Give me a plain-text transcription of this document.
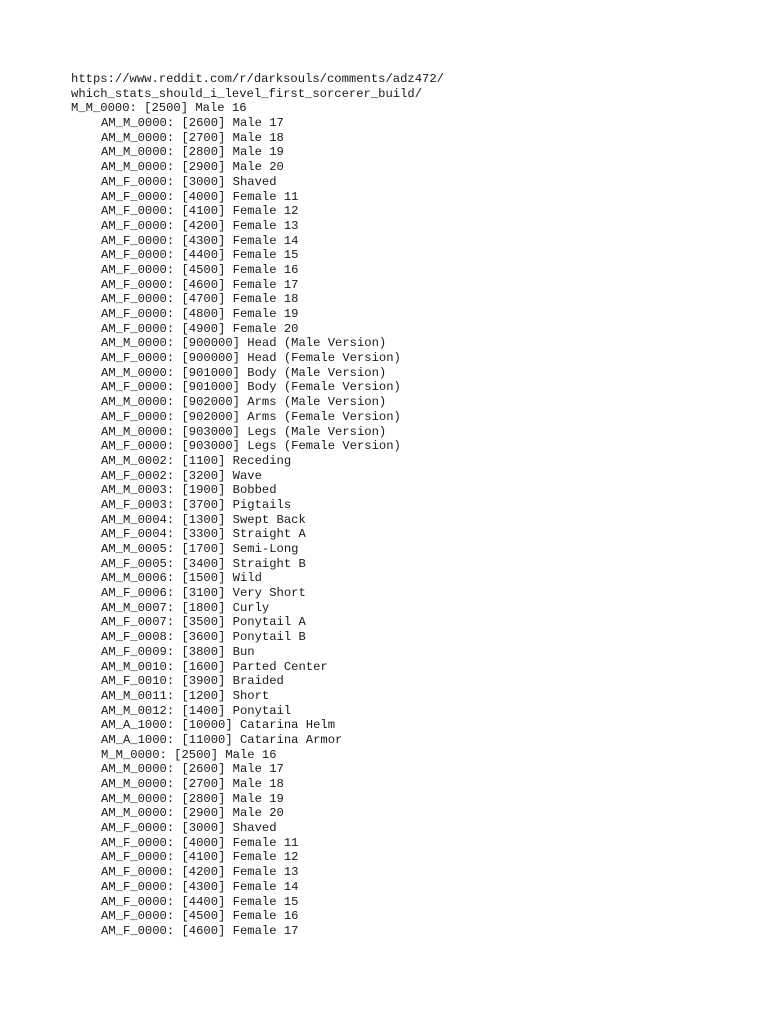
https://www.reddit.com/r/darksouls/comments/adz472/
which_stats_should_i_level_first_sorcerer_build/
M_M_0000: [2500] Male 16
AM_M_0000: [2600] Male 17
AM_M_0000: [2700] Male 18
AM_M_0000: [2800] Male 19
AM_M_0000: [2900] Male 20
AM_F_0000: [3000] Shaved
AM_F_0000: [4000] Female 11
AM_F_0000: [4100] Female 12
AM_F_0000: [4200] Female 13
AM_F_0000: [4300] Female 14
AM_F_0000: [4400] Female 15
AM_F_0000: [4500] Female 16
AM_F_0000: [4600] Female 17
AM_F_0000: [4700] Female 18
AM_F_0000: [4800] Female 19
AM_F_0000: [4900] Female 20
AM_M_0000: [900000] Head (Male Version)
AM_F_0000: [900000] Head (Female Version)
AM_M_0000: [901000] Body (Male Version)
AM_F_0000: [901000] Body (Female Version)
AM_M_0000: [902000] Arms (Male Version)
AM_F_0000: [902000] Arms (Female Version)
AM_M_0000: [903000] Legs (Male Version)
AM_F_0000: [903000] Legs (Female Version)
AM_M_0002: [1100] Receding
AM_F_0002: [3200] Wave
AM_M_0003: [1900] Bobbed
AM_F_0003: [3700] Pigtails
AM_M_0004: [1300] Swept Back
AM_F_0004: [3300] Straight A
AM_M_0005: [1700] Semi-Long
AM_F_0005: [3400] Straight B
AM_M_0006: [1500] Wild
AM_F_0006: [3100] Very Short
AM_M_0007: [1800] Curly
AM_F_0007: [3500] Ponytail A
AM_F_0008: [3600] Ponytail B
AM_F_0009: [3800] Bun
AM_M_0010: [1600] Parted Center
AM_F_0010: [3900] Braided
AM_M_0011: [1200] Short
AM_M_0012: [1400] Ponytail
AM_A_1000: [10000] Catarina Helm
AM_A_1000: [11000] Catarina Armor
M_M_0000: [2500] Male 16
AM_M_0000: [2600] Male 17
AM_M_0000: [2700] Male 18
AM_M_0000: [2800] Male 19
AM_M_0000: [2900] Male 20
AM_F_0000: [3000] Shaved
AM_F_0000: [4000] Female 11
AM_F_0000: [4100] Female 12
AM_F_0000: [4200] Female 13
AM_F_0000: [4300] Female 14
AM_F_0000: [4400] Female 15
AM_F_0000: [4500] Female 16
AM_F_0000: [4600] Female 17
